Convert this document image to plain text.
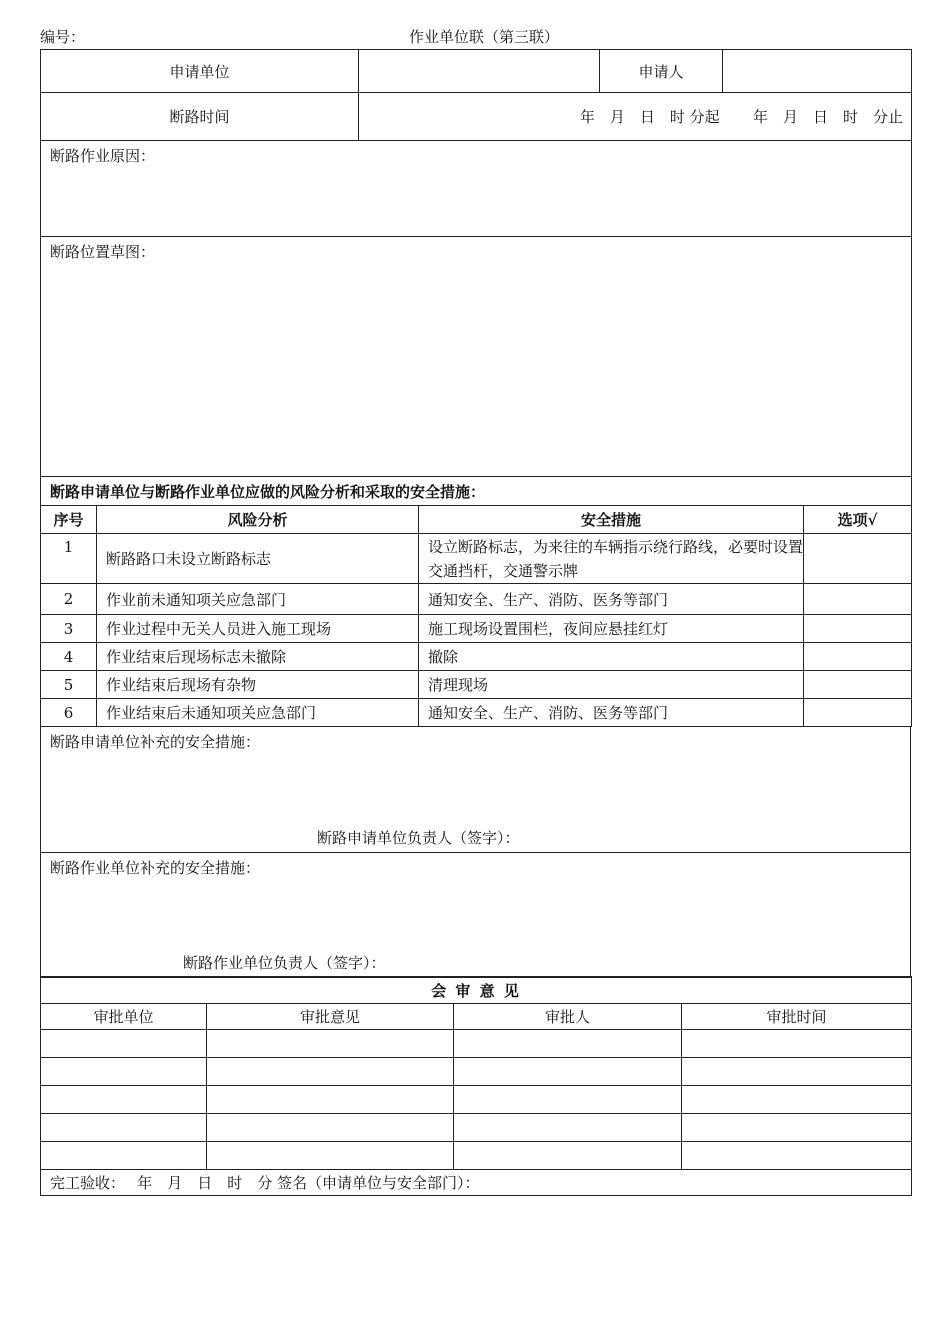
编号：	作业单位联（第三联）
申请单位		申请人	
断路时间	年　月　日　时 分起 年　月　日　时　分止		
断路作业原因：			
断路位置草图：			
断路申请单位与断路作业单位应做的风险分析和采取的安全措施：			
序号	风险分析	安全措施	选项√
1	断路路口未设立断路标志	设立断路标志，为来往的车辆指示绕行路线，必要时设置交通挡杆，交通警示牌	
2	作业前未通知项关应急部门	通知安全、生产、消防、医务等部门	
3	作业过程中无关人员进入施工现场	施工现场设置围栏，夜间应悬挂红灯	
4	作业结束后现场标志未撤除	撤除	
5	作业结束后现场有杂物	清理现场	
6	作业结束后未通知项关应急部门	通知安全、生产、消防、医务等部门	
断路申请单位补充的安全措施：
断路申请单位负责人（签字）：

断路作业单位补充的安全措施：
断路作业单位负责人（签字）：
会 审 意 见			
审批单位	审批意见	审批人	审批时间

完工验收：　 年　月　日　时　分 签名（申请单位与安全部门）：			
